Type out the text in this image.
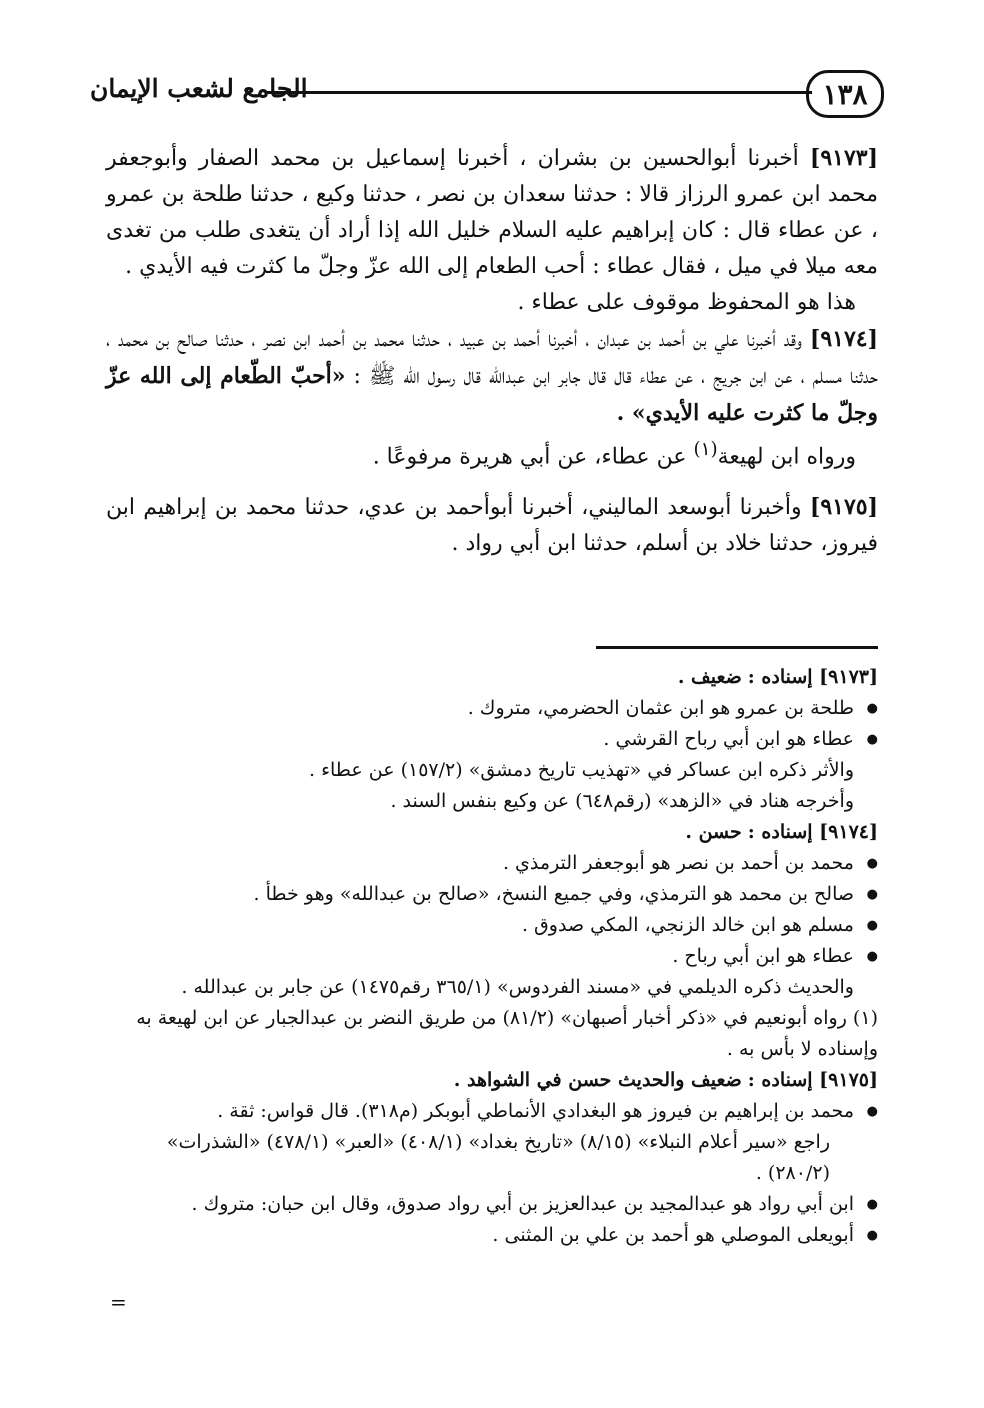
١٣٨
الجامع لشعب الإيمان

[٩١٧٣] أخبرنا أبوالحسين بن بشران ، أخبرنا إسماعيل بن محمد الصفار وأبوجعفر محمد ابن عمرو الرزاز قالا : حدثنا سعدان بن نصر ، حدثنا وكيع ، حدثنا طلحة بن عمرو ، عن عطاء قال : كان إبراهيم عليه السلام خليل الله إذا أراد أن يتغدى طلب من تغدى معه ميلا في ميل ، فقال عطاء : أحب الطعام إلى الله عزّ وجلّ ما كثرت فيه الأيدي .

هذا هو المحفوظ موقوف على عطاء .

[٩١٧٤] وقد أخبرنا علي بن أحمد بن عبدان ، أخبرنا أحمد بن عبيد ، حدثنا محمد بن أحمد ابن نصر ، حدثنا صالح بن محمد ، حدثنا مسلم ، عن ابن جريج ، عن عطاء قال قال جابر ابن عبدالله قال رسول الله ﷺ : «أحبّ الطّعام إلى الله عزّ وجلّ ما كثرت عليه الأيدي» .

ورواه ابن لهيعة$^{(١)}$ عن عطاء، عن أبي هريرة مرفوعًا .

[٩١٧٥] وأخبرنا أبوسعد الماليني، أخبرنا أبوأحمد بن عدي، حدثنا محمد بن إبراهيم ابن فيروز، حدثنا خلاد بن أسلم، حدثنا ابن أبي رواد .

[٩١٧٣] إسناده : ضعيف .

● طلحة بن عمرو هو ابن عثمان الحضرمي، متروك .

● عطاء هو ابن أبي رباح القرشي .

والأثر ذكره ابن عساكر في «تهذيب تاريخ دمشق» (١٥٧/٢) عن عطاء .

وأخرجه هناد في «الزهد» (رقم٦٤٨) عن وكيع بنفس السند .

[٩١٧٤] إسناده : حسن .

● محمد بن أحمد بن نصر هو أبوجعفر الترمذي .

● صالح بن محمد هو الترمذي، وفي جميع النسخ، «صالح بن عبدالله» وهو خطأ .

● مسلم هو ابن خالد الزنجي، المكي صدوق .

● عطاء هو ابن أبي رباح .

والحديث ذكره الديلمي في «مسند الفردوس» (٣٦٥/١ رقم١٤٧٥) عن جابر بن عبدالله .

(١) رواه أبونعيم في «ذكر أخبار أصبهان» (٨١/٢) من طريق النضر بن عبدالجبار عن ابن لهيعة به وإسناده لا بأس به .

[٩١٧٥] إسناده : ضعيف والحديث حسن في الشواهد .

● محمد بن إبراهيم بن فيروز هو البغدادي الأنماطي أبوبكر (م٣١٨). قال قواس: ثقة .

راجع «سير أعلام النبلاء» (٨/١٥) «تاريخ بغداد» (٤٠٨/١) «العبر» (٤٧٨/١) «الشذرات» (٢٨٠/٢) .

● ابن أبي رواد هو عبدالمجيد بن عبدالعزيز بن أبي رواد صدوق، وقال ابن حبان: متروك .

● أبويعلى الموصلي هو أحمد بن علي بن المثنى .

=
